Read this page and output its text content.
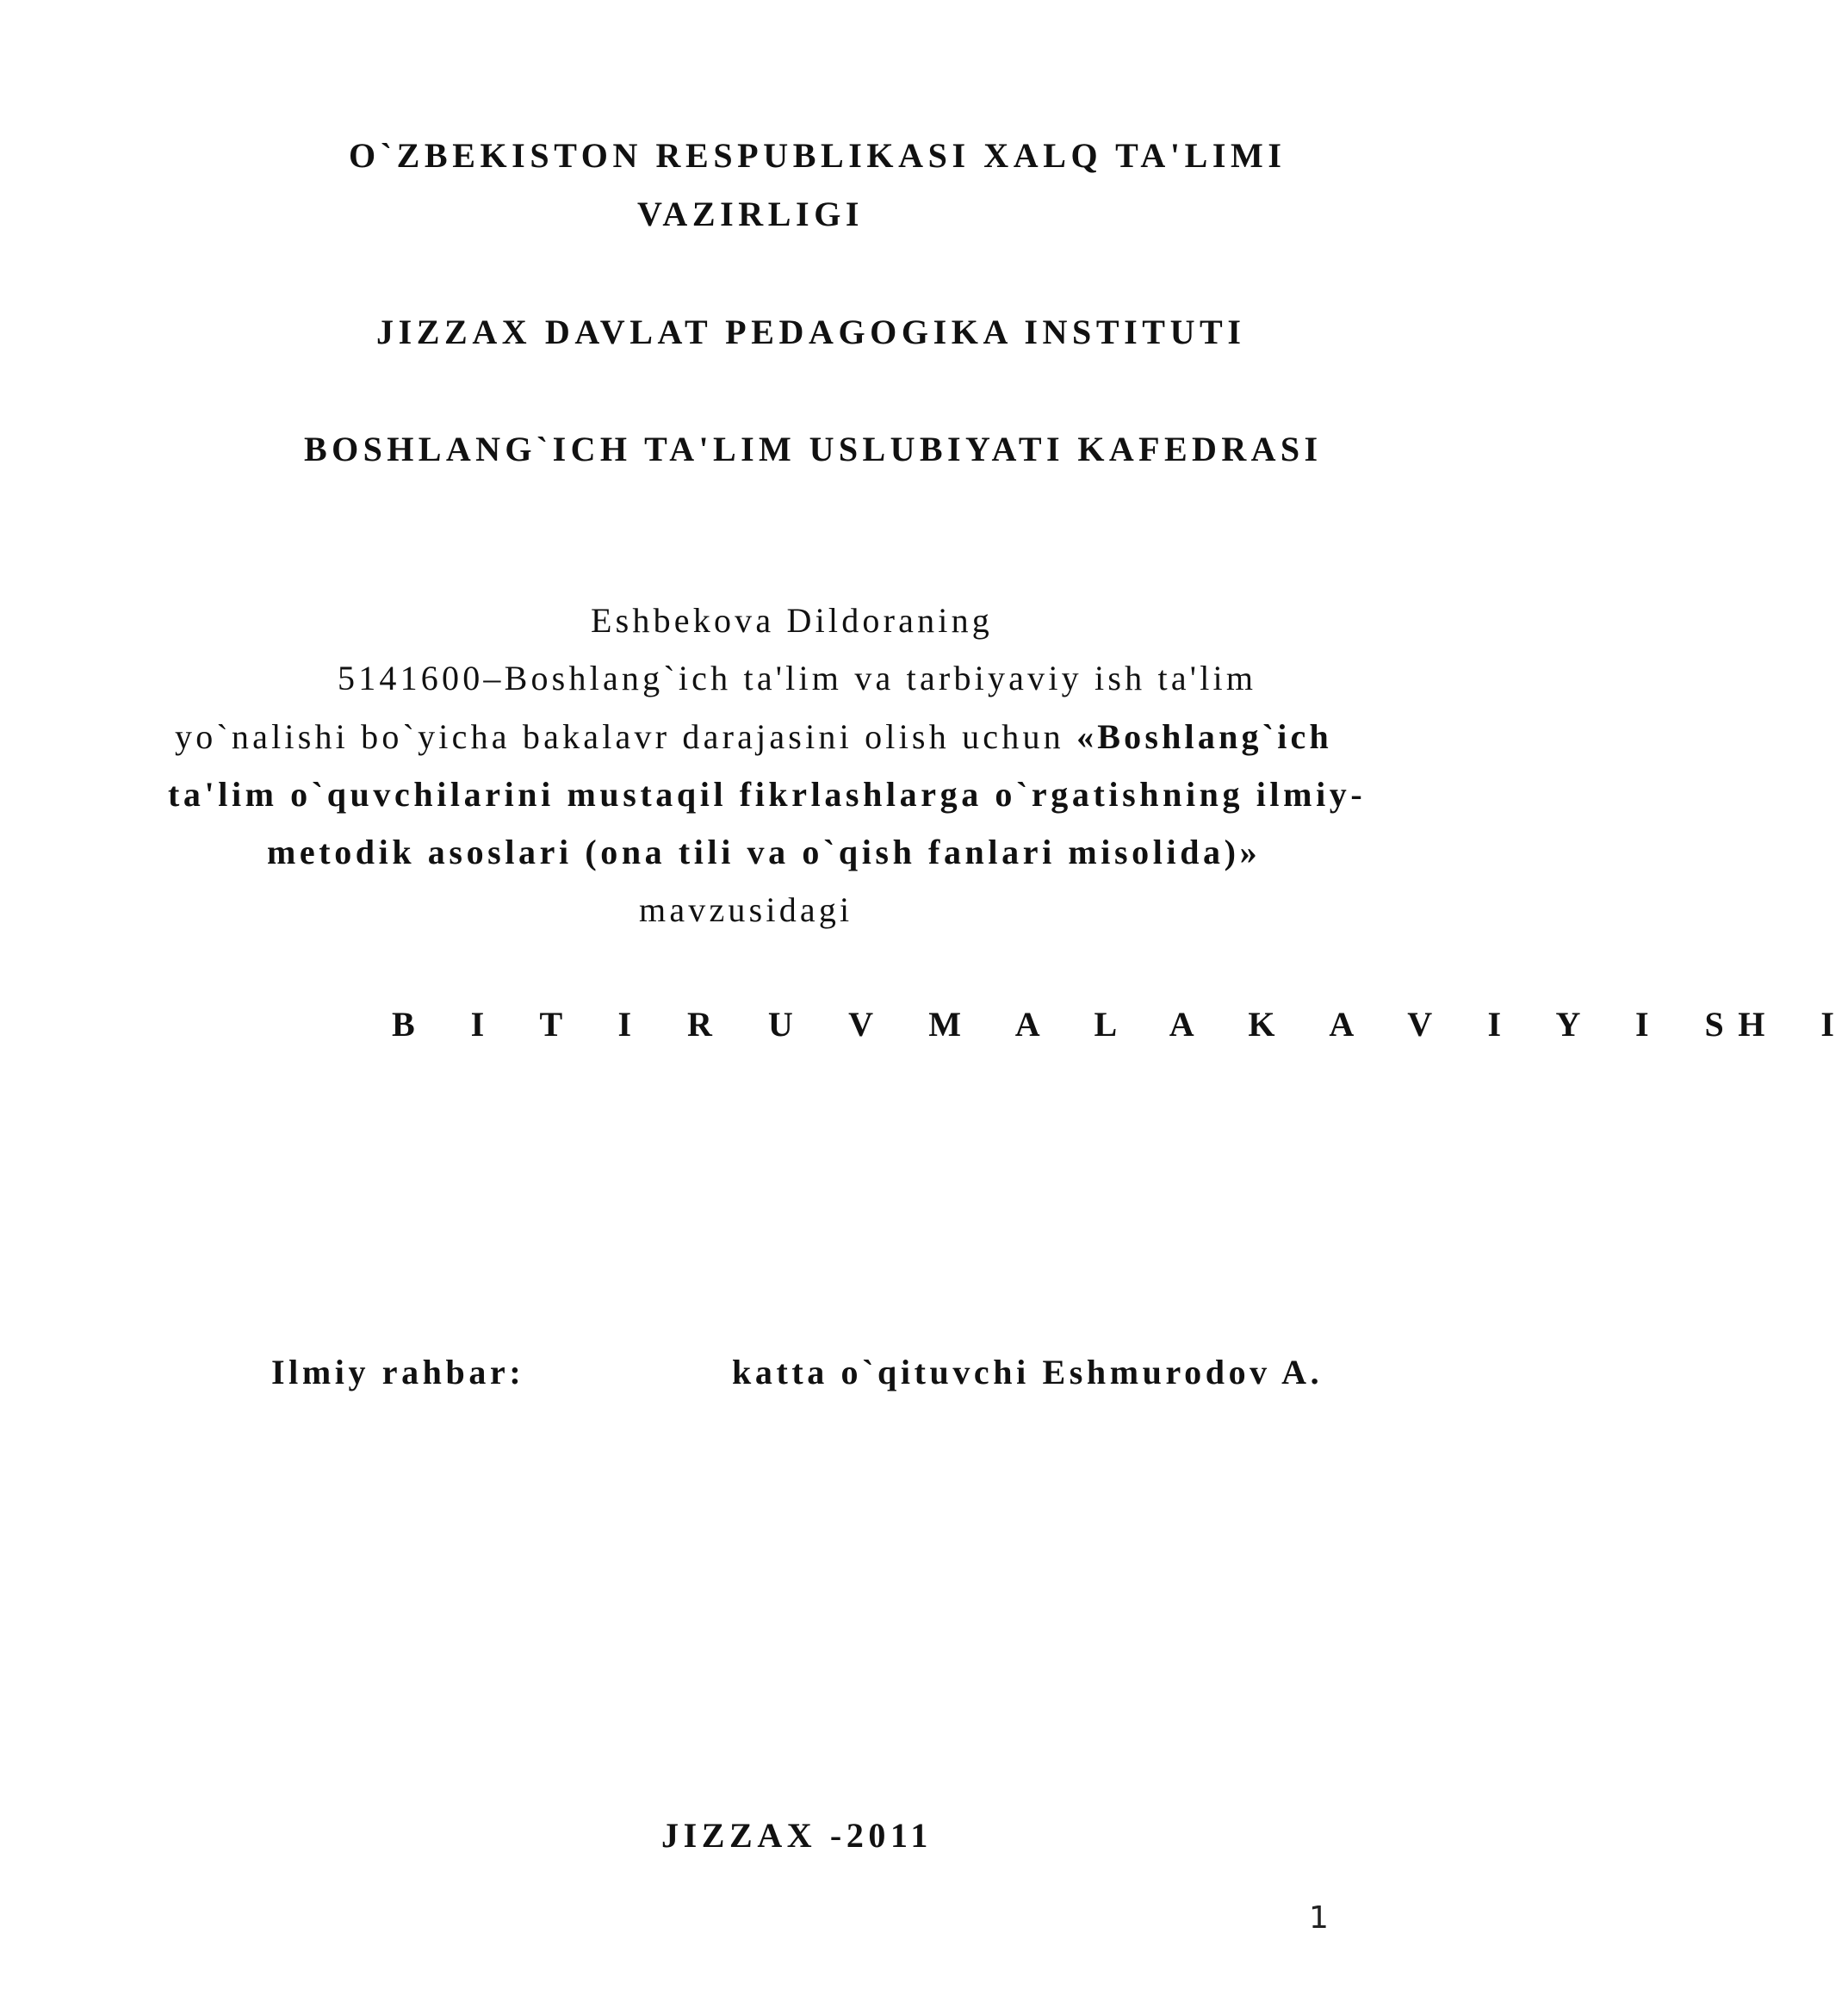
O`ZBEKISTON RESPUBLIKASI XALQ TA'LIMI
VAZIRLIGI
JIZZAX DAVLAT PEDAGOGIKA INSTITUTI
BOSHLANG`ICH TA'LIM USLUBIYATI KAFEDRASI
Eshbekova Dildoraning
5141600–Boshlang`ich ta'lim va tarbiyaviy ish ta'lim
yo`nalishi bo`yicha bakalavr darajasini olish uchun «Boshlang`ich
ta'lim o`quvchilarini mustaqil fikrlashlarga o`rgatishning ilmiy-
metodik asoslari (ona tili va o`qish fanlari misolida)»
mavzusidagi
B I T I R U V M A L A K A V I Y I SH I
Ilmiy rahbar:	katta o`qituvchi Eshmurodov A.
JIZZAX -2011
1
